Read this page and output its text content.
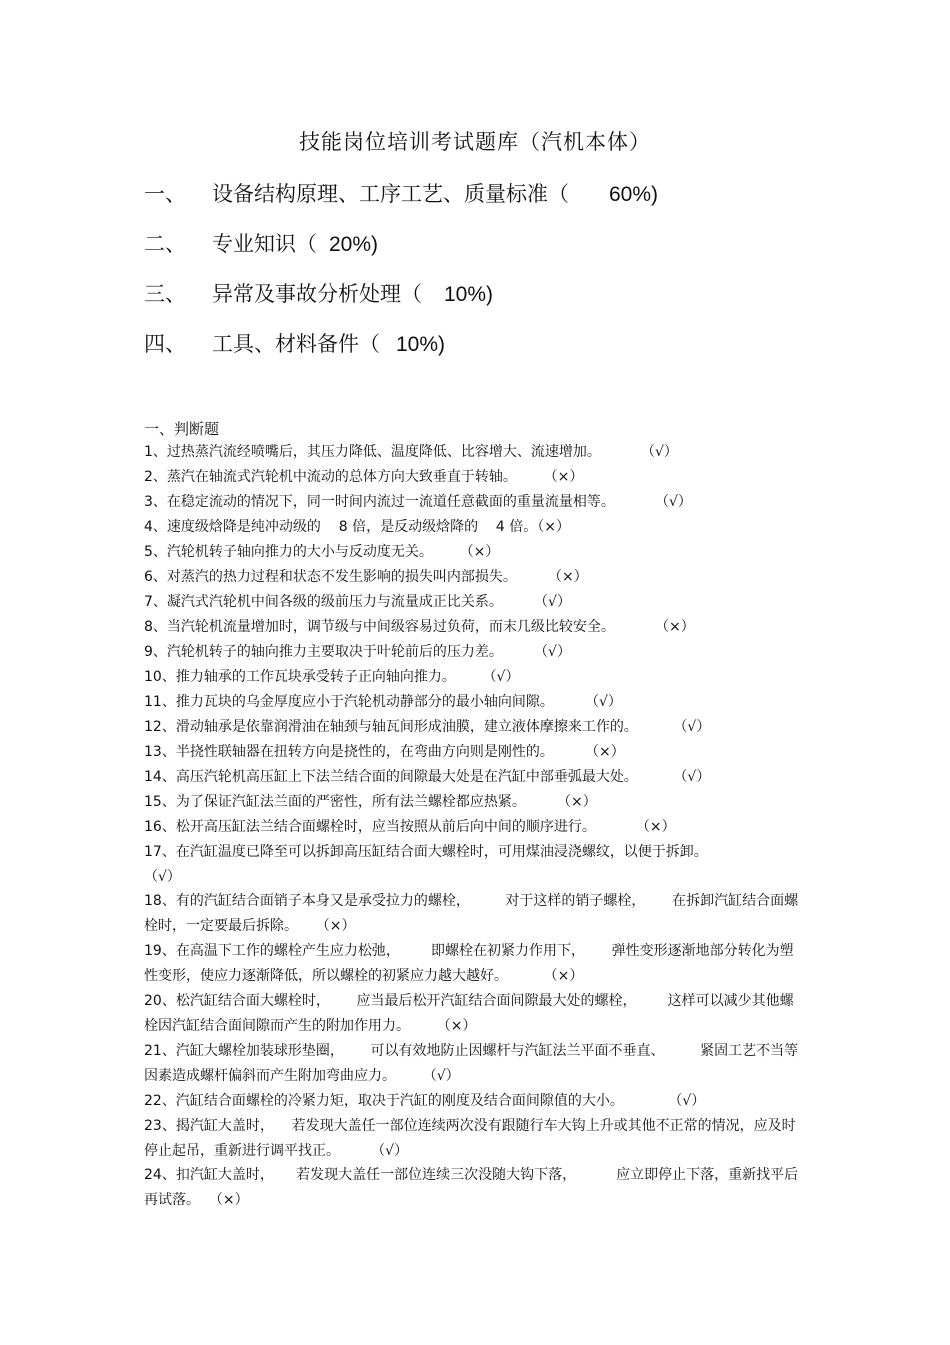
技能岗位培训考试题库（汽机本体）
一、 设备结构原理、工序工艺、质量标准（ 60%)
二、 专业知识（ 20%)
三、 异常及事故分析处理（ 10%)
四、 工具、材料备件（ 10%)
一、判断题
1、过热蒸汽流经喷嘴后，其压力降低、温度降低、比容增大、流速增加。         （√）
2、蒸汽在轴流式汽轮机中流动的总体方向大致垂直于转轴。      （×）
3、在稳定流动的情况下，同一时间内流过一流道任意截面的重量流量相等。         （√）
4、速度级焓降是纯冲动级的    8 倍，是反动级焓降的    4 倍。（×）
5、汽轮机转子轴向推力的大小与反动度无关。      （×）
6、对蒸汽的热力过程和状态不发生影响的损失叫内部损失。       （×）
7、凝汽式汽轮机中间各级的级前压力与流量成正比关系。       （√）
8、当汽轮机流量增加时，调节级与中间级容易过负荷，而末几级比较安全。         （×）
9、汽轮机转子的轴向推力主要取决于叶轮前后的压力差。       （√）
10、推力轴承的工作瓦块承受转子正向轴向推力。      （√）
11、推力瓦块的乌金厚度应小于汽轮机动静部分的最小轴向间隙。       （√）
12、滑动轴承是依靠润滑油在轴颈与轴瓦间形成油膜，建立液体摩擦来工作的。        （√）
13、半挠性联轴器在扭转方向是挠性的，在弯曲方向则是刚性的。       （×）
14、高压汽轮机高压缸上下法兰结合面的间隙最大处是在汽缸中部垂弧最大处。        （√）
15、为了保证汽缸法兰面的严密性，所有法兰螺栓都应热紧。       （×）
16、松开高压缸法兰结合面螺栓时，应当按照从前后向中间的顺序进行。         （×）
17、在汽缸温度已降至可以拆卸高压缸结合面大螺栓时，可用煤油浸浇螺纹，以便于拆卸。
（√）
18、有的汽缸结合面销子本身又是承受拉力的螺栓，        对于这样的销子螺栓，      在拆卸汽缸结合面螺栓时，一定要最后拆除。    （×）
19、在高温下工作的螺栓产生应力松弛，       即螺栓在初紧力作用下，      弹性变形逐渐地部分转化为塑性变形，使应力逐渐降低，所以螺栓的初紧应力越大越好。        （×）
20、松汽缸结合面大螺栓时，      应当最后松开汽缸结合面间隙最大处的螺栓，       这样可以减少其他螺栓因汽缸结合面间隙而产生的附加作用力。      （×）
21、汽缸大螺栓加装球形垫圈，      可以有效地防止因螺杆与汽缸法兰平面不垂直、        紧固工艺不当等因素造成螺杆偏斜而产生附加弯曲应力。      （√）
22、汽缸结合面螺栓的冷紧力矩，取决于汽缸的刚度及结合面间隙值的大小。          （√）
23、揭汽缸大盖时，    若发现大盖任一部位连续两次没有跟随行车大钩上升或其他不正常的情况，应及时停止起吊，重新进行调平找正。       （√）
24、扣汽缸大盖时，     若发现大盖任一部位连续三次没随大钩下落，         应立即停止下落，重新找平后再试落。  （×）
